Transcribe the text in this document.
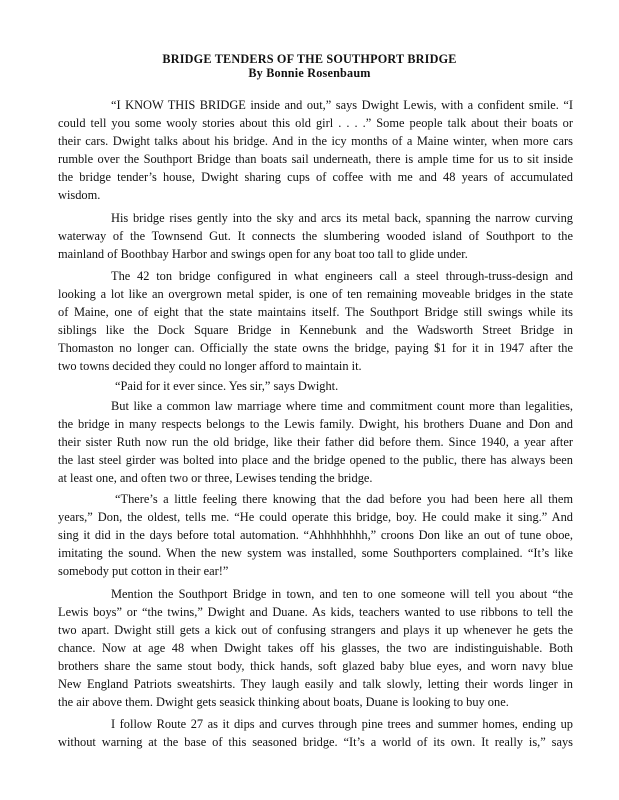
BRIDGE TENDERS OF THE SOUTHPORT BRIDGE
By Bonnie Rosenbaum
“I KNOW THIS BRIDGE inside and out,” says Dwight Lewis, with a confident smile. “I
could tell you some wooly stories about this old girl . . . .” Some people talk about their boats or
their cars. Dwight talks about his bridge. And in the icy months of a Maine winter, when more cars
rumble over the Southport Bridge than boats sail underneath, there is ample time for us to sit inside
the bridge tender’s house, Dwight sharing cups of coffee with me and 48 years of accumulated
wisdom.
His bridge rises gently into the sky and arcs its metal back, spanning the narrow curving
waterway of the Townsend Gut. It connects the slumbering wooded island of Southport to the
mainland of Boothbay Harbor and swings open for any boat too tall to glide under.
The 42 ton bridge configured in what engineers call a steel through-truss-design and
looking a lot like an overgrown metal spider, is one of ten remaining moveable bridges in the state
of Maine, one of eight that the state maintains itself. The Southport Bridge still swings while its
siblings like the Dock Square Bridge in Kennebunk and the Wadsworth Street Bridge in
Thomaston no longer can. Officially the state owns the bridge, paying $1 for it in 1947 after the
two towns decided they could no longer afford to maintain it.
“Paid for it ever since. Yes sir,” says Dwight.
But like a common law marriage where time and commitment count more than legalities,
the bridge in many respects belongs to the Lewis family. Dwight, his brothers Duane and Don and
their sister Ruth now run the old bridge, like their father did before them. Since 1940, a year after
the last steel girder was bolted into place and the bridge opened to the public, there has always been
at least one, and often two or three, Lewises tending the bridge.
“There’s a little feeling there knowing that the dad before you had been here all them
years,” Don, the oldest, tells me. “He could operate this bridge, boy. He could make it sing.” And
sing it did in the days before total automation. “Ahhhhhhhh,” croons Don like an out of tune oboe,
imitating the sound. When the new system was installed, some Southporters complained. “It’s like
somebody put cotton in their ear!”
Mention the Southport Bridge in town, and ten to one someone will tell you about “the
Lewis boys” or “the twins,” Dwight and Duane. As kids, teachers wanted to use ribbons to tell the
two apart. Dwight still gets a kick out of confusing strangers and plays it up whenever he gets the
chance. Now at age 48 when Dwight takes off his glasses, the two are indistinguishable. Both
brothers share the same stout body, thick hands, soft glazed baby blue eyes, and worn navy blue
New England Patriots sweatshirts. They laugh easily and talk slowly, letting their words linger in
the air above them. Dwight gets seasick thinking about boats, Duane is looking to buy one.
I follow Route 27 as it dips and curves through pine trees and summer homes, ending up
without warning at the base of this seasoned bridge. “It’s a world of its own. It really is,” says
